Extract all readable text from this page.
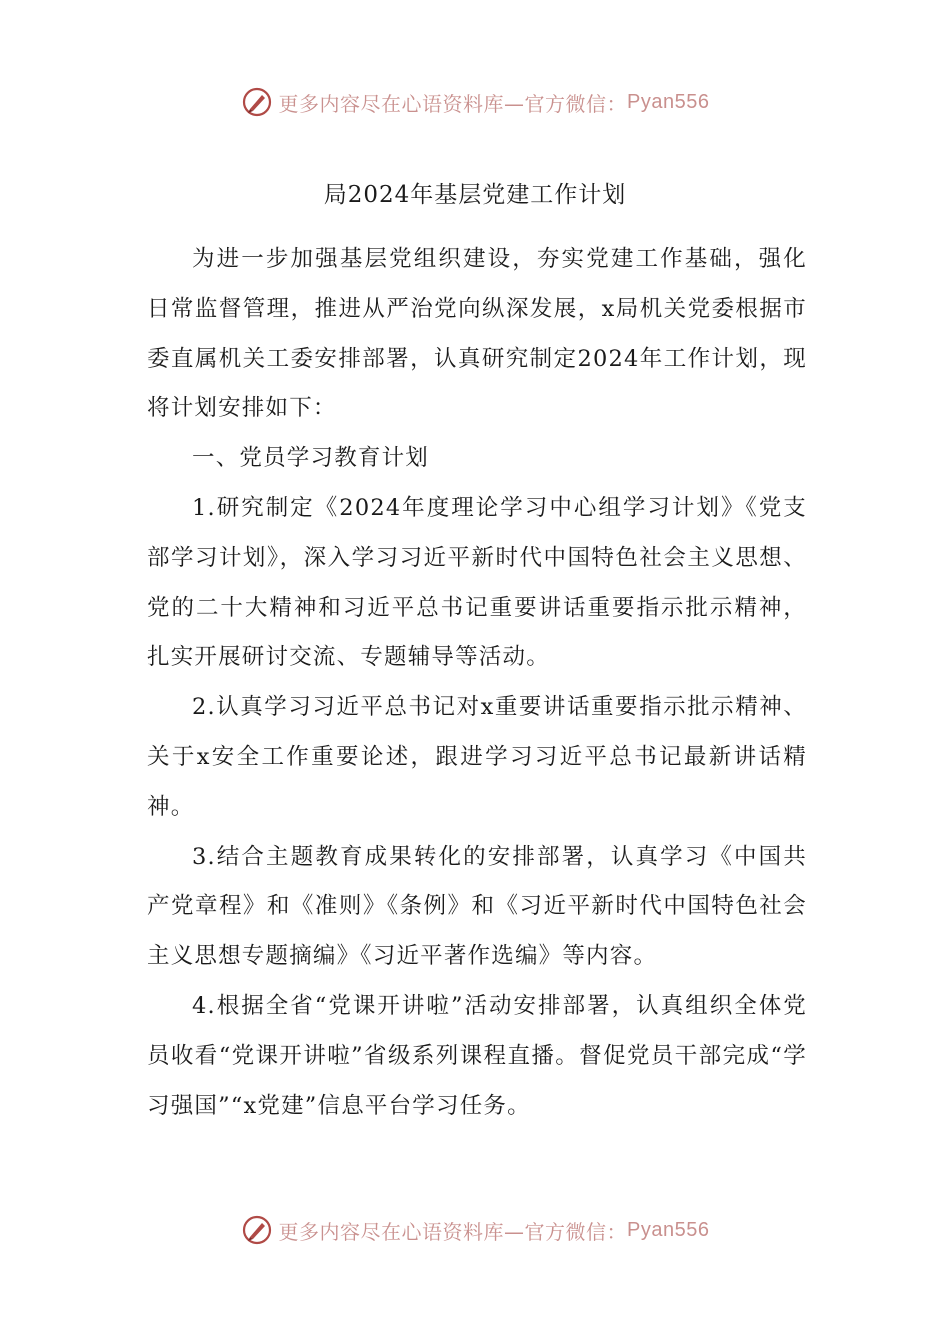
更多内容尽在心语资料库—官方微信： Pyan556
局2024年基层党建工作计划

为进一步加强基层党组织建设，夯实党建工作基础，强化日常监督管理，推进从严治党向纵深发展，x局机关党委根据市委直属机关工委安排部署，认真研究制定2024年工作计划，现将计划安排如下：

一、党员学习教育计划

1.研究制定《2024年度理论学习中心组学习计划》《党支部学习计划》，深入学习习近平新时代中国特色社会主义思想、党的二十大精神和习近平总书记重要讲话重要指示批示精神，扎实开展研讨交流、专题辅导等活动。

2.认真学习习近平总书记对x重要讲话重要指示批示精神、关于x安全工作重要论述，跟进学习习近平总书记最新讲话精神。

3.结合主题教育成果转化的安排部署，认真学习《中国共产党章程》和《准则》《条例》和《习近平新时代中国特色社会主义思想专题摘编》《习近平著作选编》等内容。

4.根据全省“党课开讲啦”活动安排部署，认真组织全体党员收看“党课开讲啦”省级系列课程直播。督促党员干部完成“学习强国”“x党建”信息平台学习任务。

更多内容尽在心语资料库—官方微信： Pyan556
